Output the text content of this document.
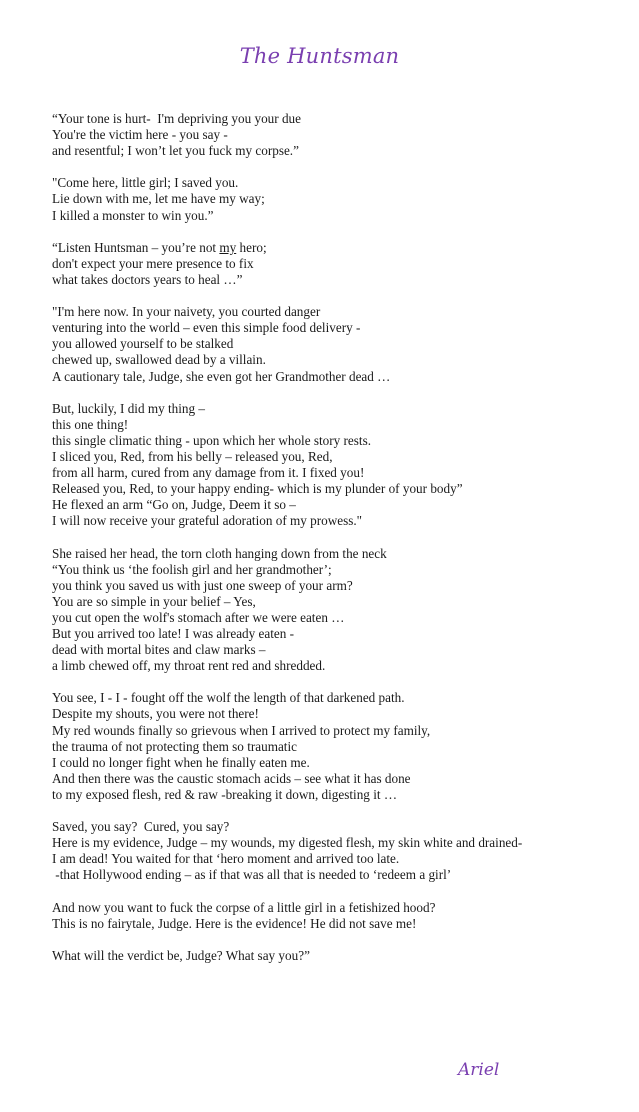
The Huntsman
“Your tone is hurt-  I'm depriving you your due
You're the victim here - you say -
and resentful; I won’t let you fuck my corpse.”
"Come here, little girl; I saved you.
Lie down with me, let me have my way;
I killed a monster to win you.”
“Listen Huntsman – you’re not my hero;
don't expect your mere presence to fix
what takes doctors years to heal …”
"I'm here now. In your naivety, you courted danger
venturing into the world – even this simple food delivery -
you allowed yourself to be stalked
chewed up, swallowed dead by a villain.
A cautionary tale, Judge, she even got her Grandmother dead …
But, luckily, I did my thing –
this one thing!
this single climatic thing - upon which her whole story rests.
I sliced you, Red, from his belly – released you, Red,
from all harm, cured from any damage from it. I fixed you!
Released you, Red, to your happy ending- which is my plunder of your body”
He flexed an arm “Go on, Judge, Deem it so –
I will now receive your grateful adoration of my prowess."
She raised her head, the torn cloth hanging down from the neck
“You think us ‘the foolish girl and her grandmother’;
you think you saved us with just one sweep of your arm?
You are so simple in your belief – Yes,
you cut open the wolf's stomach after we were eaten …
But you arrived too late! I was already eaten -
dead with mortal bites and claw marks –
a limb chewed off, my throat rent red and shredded.
You see, I - I - fought off the wolf the length of that darkened path.
Despite my shouts, you were not there!
My red wounds finally so grievous when I arrived to protect my family,
the trauma of not protecting them so traumatic
I could no longer fight when he finally eaten me.
And then there was the caustic stomach acids – see what it has done
to my exposed flesh, red & raw -breaking it down, digesting it …
Saved, you say?  Cured, you say?
Here is my evidence, Judge – my wounds, my digested flesh, my skin white and drained-
I am dead! You waited for that ‘hero moment and arrived too late.
-that Hollywood ending – as if that was all that is needed to ‘redeem a girl’
And now you want to fuck the corpse of a little girl in a fetishized hood?
This is no fairytale, Judge. Here is the evidence! He did not save me!
What will the verdict be, Judge? What say you?”
Ariel
